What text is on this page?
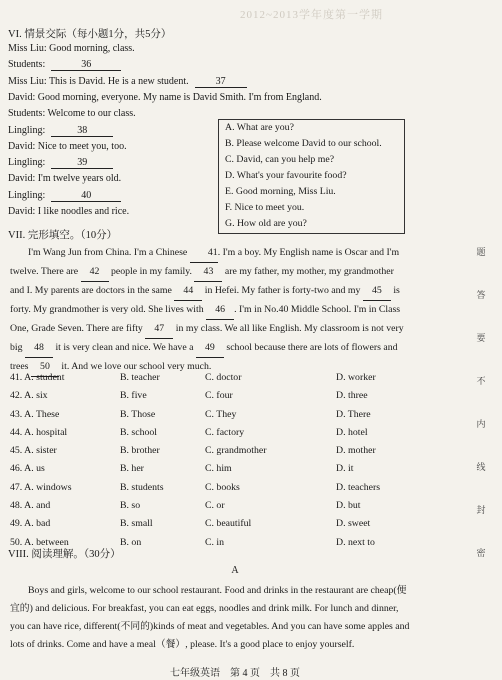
2012~2013学年度第一学期
VI. 情景交际（每小题1分，共5分）
Miss Liu: Good morning, class.
Students:	36
Miss Liu: This is David. He is a new student.	37
David: Good morning, everyone. My name is David Smith. I'm from England.
Students: Welcome to our class.
Lingling:	38
David: Nice to meet you, too.
Lingling:	39
David: I'm twelve years old.
Lingling:	40
David: I like noodles and rice.
A. What are you?
B. Please welcome David to our school.
C. David, can you help me?
D. What's your favourite food?
E. Good morning, Miss Liu.
F. Nice to meet you.
G. How old are you?
VII. 完形填空。（10分）

I'm Wang Jun from China. I'm a Chinese 41. I'm a boy. My English name is Oscar and I'm

twelve. There are 42 people in my family. 43 are my father, my mother, my grandmother

and I. My parents are doctors in the same 44 in Hefei. My father is forty-two and my 45 is

forty. My grandmother is very old. She lives with 46 . I'm in No.40 Middle School. I'm in Class

One, Grade Seven. There are fifty 47 in my class. We all like English. My classroom is not very

big 48 it is very clean and nice. We have a 49 school because there are lots of flowers and

trees 50 it. And we love our school very much.

41. A. student	B. teacher	C. doctor	D. worker
42. A. six	B. five	C. four	D. three
43. A. These	B. Those	C. They	D. There
44. A. hospital	B. school	C. factory	D. hotel
45. A. sister	B. brother	C. grandmother	D. mother
46. A. us	B. her	C. him	D. it
47. A. windows	B. students	C. books	D. teachers
48. A. and	B. so	C. or	D. but
49. A. bad	B. small	C. beautiful	D. sweet
50. A. between	B. on	C. in	D. next to
VIII. 阅读理解。（30分）
A

Boys and girls, welcome to our school restaurant. Food and drinks in the restaurant are cheap(便

宜的) and delicious. For breakfast, you can eat eggs, noodles and drink milk. For lunch and dinner,

you can have rice, different(不同的)kinds of meat and vegetables. And you can have some apples and

lots of drinks. Come and have a meal（餐）, please. It's a good place to enjoy yourself.

七年级英语　第 4 页　共 8 页
题
答
要
不
内
线
封
密
